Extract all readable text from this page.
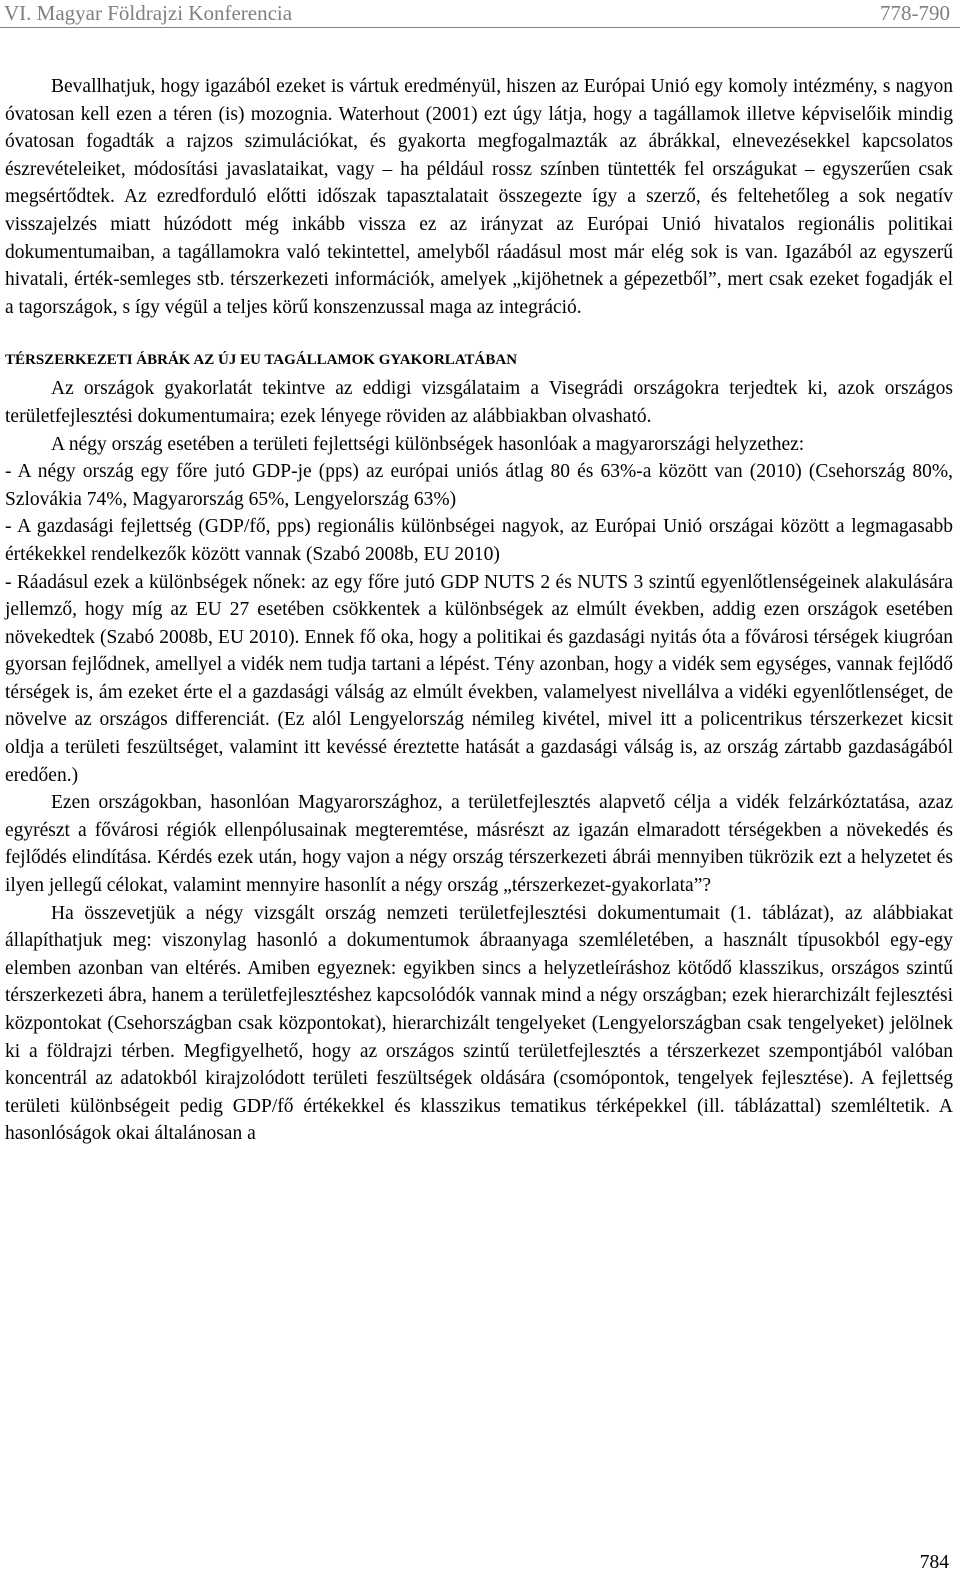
VI. Magyar Földrajzi Konferencia	778-790

Bevallhatjuk, hogy igazából ezeket is vártuk eredményül, hiszen az Európai Unió egy komoly intézmény, s nagyon óvatosan kell ezen a téren (is) mozognia. Waterhout (2001) ezt úgy látja, hogy a tagállamok illetve képviselőik mindig óvatosan fogadták a rajzos szimulációkat, és gyakorta megfogalmazták az ábrákkal, elnevezésekkel kapcsolatos észrevételeiket, módosítási javaslataikat, vagy – ha például rossz színben tüntették fel országukat – egyszerűen csak megsértődtek. Az ezredforduló előtti időszak tapasztalatait összegezte így a szerző, és feltehetőleg a sok negatív visszajelzés miatt húzódott még inkább vissza ez az irányzat az Európai Unió hivatalos regionális politikai dokumentumaiban, a tagállamokra való tekintettel, amelyből ráadásul most már elég sok is van. Igazából az egyszerű hivatali, érték-semleges stb. térszerkezeti információk, amelyek „kijöhetnek a gépezetből”, mert csak ezeket fogadják el a tagországok, s így végül a teljes körű konszenzussal maga az integráció.

TÉRSZERKEZETI ÁBRÁK AZ ÚJ EU TAGÁLLAMOK GYAKORLATÁBAN

Az országok gyakorlatát tekintve az eddigi vizsgálataim a Visegrádi országokra terjedtek ki, azok országos területfejlesztési dokumentumaira; ezek lényege röviden az alábbiakban olvasható.

A négy ország esetében a területi fejlettségi különbségek hasonlóak a magyarországi helyzethez:

- A négy ország egy főre jutó GDP-je (pps) az európai uniós átlag 80 és 63%-a között van (2010) (Csehország 80%, Szlovákia 74%, Magyarország 65%, Lengyelország 63%)

- A gazdasági fejlettség (GDP/fő, pps) regionális különbségei nagyok, az Európai Unió országai között a legmagasabb értékekkel rendelkezők között vannak (Szabó 2008b, EU 2010)

- Ráadásul ezek a különbségek nőnek: az egy főre jutó GDP NUTS 2 és NUTS 3 szintű egyenlőtlenségeinek alakulására jellemző, hogy míg az EU 27 esetében csökkentek a különbségek az elmúlt években, addig ezen országok esetében növekedtek (Szabó 2008b, EU 2010). Ennek fő oka, hogy a politikai és gazdasági nyitás óta a fővárosi térségek kiugróan gyorsan fejlődnek, amellyel a vidék nem tudja tartani a lépést. Tény azonban, hogy a vidék sem egységes, vannak fejlődő térségek is, ám ezeket érte el a gazdasági válság az elmúlt években, valamelyest nivellálva a vidéki egyenlőtlenséget, de növelve az országos differenciát. (Ez alól Lengyelország némileg kivétel, mivel itt a policentrikus térszerkezet kicsit oldja a területi feszültséget, valamint itt kevéssé éreztette hatását a gazdasági válság is, az ország zártabb gazdaságából eredően.)

Ezen országokban, hasonlóan Magyarországhoz, a területfejlesztés alapvető célja a vidék felzárkóztatása, azaz egyrészt a fővárosi régiók ellenpólusainak megteremtése, másrészt az igazán elmaradott térségekben a növekedés és fejlődés elindítása. Kérdés ezek után, hogy vajon a négy ország térszerkezeti ábrái mennyiben tükrözik ezt a helyzetet és ilyen jellegű célokat, valamint mennyire hasonlít a négy ország „térszerkezet-gyakorlata”?

Ha összevetjük a négy vizsgált ország nemzeti területfejlesztési dokumentumait (1. táblázat), az alábbiakat állapíthatjuk meg: viszonylag hasonló a dokumentumok ábraanyaga szemléletében, a használt típusokból egy-egy elemben azonban van eltérés. Amiben egyeznek: egyikben sincs a helyzetleíráshoz kötődő klasszikus, országos szintű térszerkezeti ábra, hanem a területfejlesztéshez kapcsolódók vannak mind a négy országban; ezek hierarchizált fejlesztési központokat (Csehországban csak központokat), hierarchizált tengelyeket (Lengyelországban csak tengelyeket) jelölnek ki a földrajzi térben. Megfigyelhető, hogy az országos szintű területfejlesztés a térszerkezet szempontjából valóban koncentrál az adatokból kirajzolódott területi feszültségek oldására (csomópontok, tengelyek fejlesztése). A fejlettség területi különbségeit pedig GDP/fő értékekkel és klasszikus tematikus térképekkel (ill. táblázattal) szemléltetik. A hasonlóságok okai általánosan a

784
